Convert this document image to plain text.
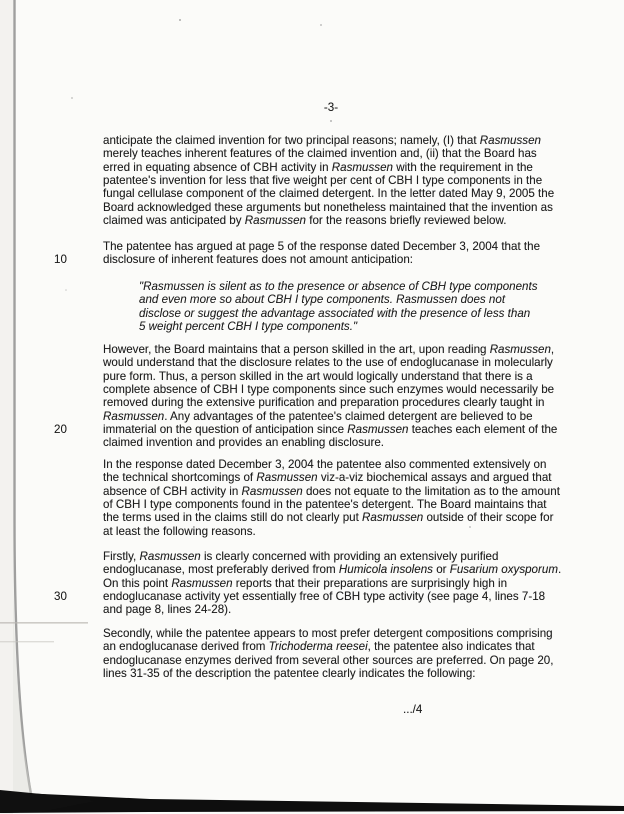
-3-
10
20
30
anticipate the claimed invention for two principal reasons; namely, (I) that Rasmussen merely teaches inherent features of the claimed invention and, (ii) that the Board has erred in equating absence of CBH activity in Rasmussen with the requirement in the patentee's invention for less that five weight per cent of CBH I type components in the fungal cellulase component of the claimed detergent. In the letter dated May 9, 2005 the Board acknowledged these arguments but nonetheless maintained that the invention as claimed was anticipated by Rasmussen for the reasons briefly reviewed below.
The patentee has argued at page 5 of the response dated December 3, 2004 that the disclosure of inherent features does not amount anticipation:
"Rasmussen is silent as to the presence or absence of CBH type components and even more so about CBH I type components. Rasmussen does not disclose or suggest the advantage associated with the presence of less than 5 weight percent CBH I type components."
However, the Board maintains that a person skilled in the art, upon reading Rasmussen, would understand that the disclosure relates to the use of endoglucanase in molecularly pure form. Thus, a person skilled in the art would logically understand that there is a complete absence of CBH I type components since such enzymes would necessarily be removed during the extensive purification and preparation procedures clearly taught in Rasmussen. Any advantages of the patentee's claimed detergent are believed to be immaterial on the question of anticipation since Rasmussen teaches each element of the claimed invention and provides an enabling disclosure.
In the response dated December 3, 2004 the patentee also commented extensively on the technical shortcomings of Rasmussen viz-a-viz biochemical assays and argued that absence of CBH activity in Rasmussen does not equate to the limitation as to the amount of CBH I type components found in the patentee's detergent. The Board maintains that the terms used in the claims still do not clearly put Rasmussen outside of their scope for at least the following reasons.
Firstly, Rasmussen is clearly concerned with providing an extensively purified endoglucanase, most preferably derived from Humicola insolens or Fusarium oxysporum. On this point Rasmussen reports that their preparations are surprisingly high in endoglucanase activity yet essentially free of CBH type activity (see page 4, lines 7-18 and page 8, lines 24-28).
Secondly, while the patentee appears to most prefer detergent compositions comprising an endoglucanase derived from Trichoderma reesei, the patentee also indicates that endoglucanase enzymes derived from several other sources are preferred. On page 20, lines 31-35 of the description the patentee clearly indicates the following:
.../4
